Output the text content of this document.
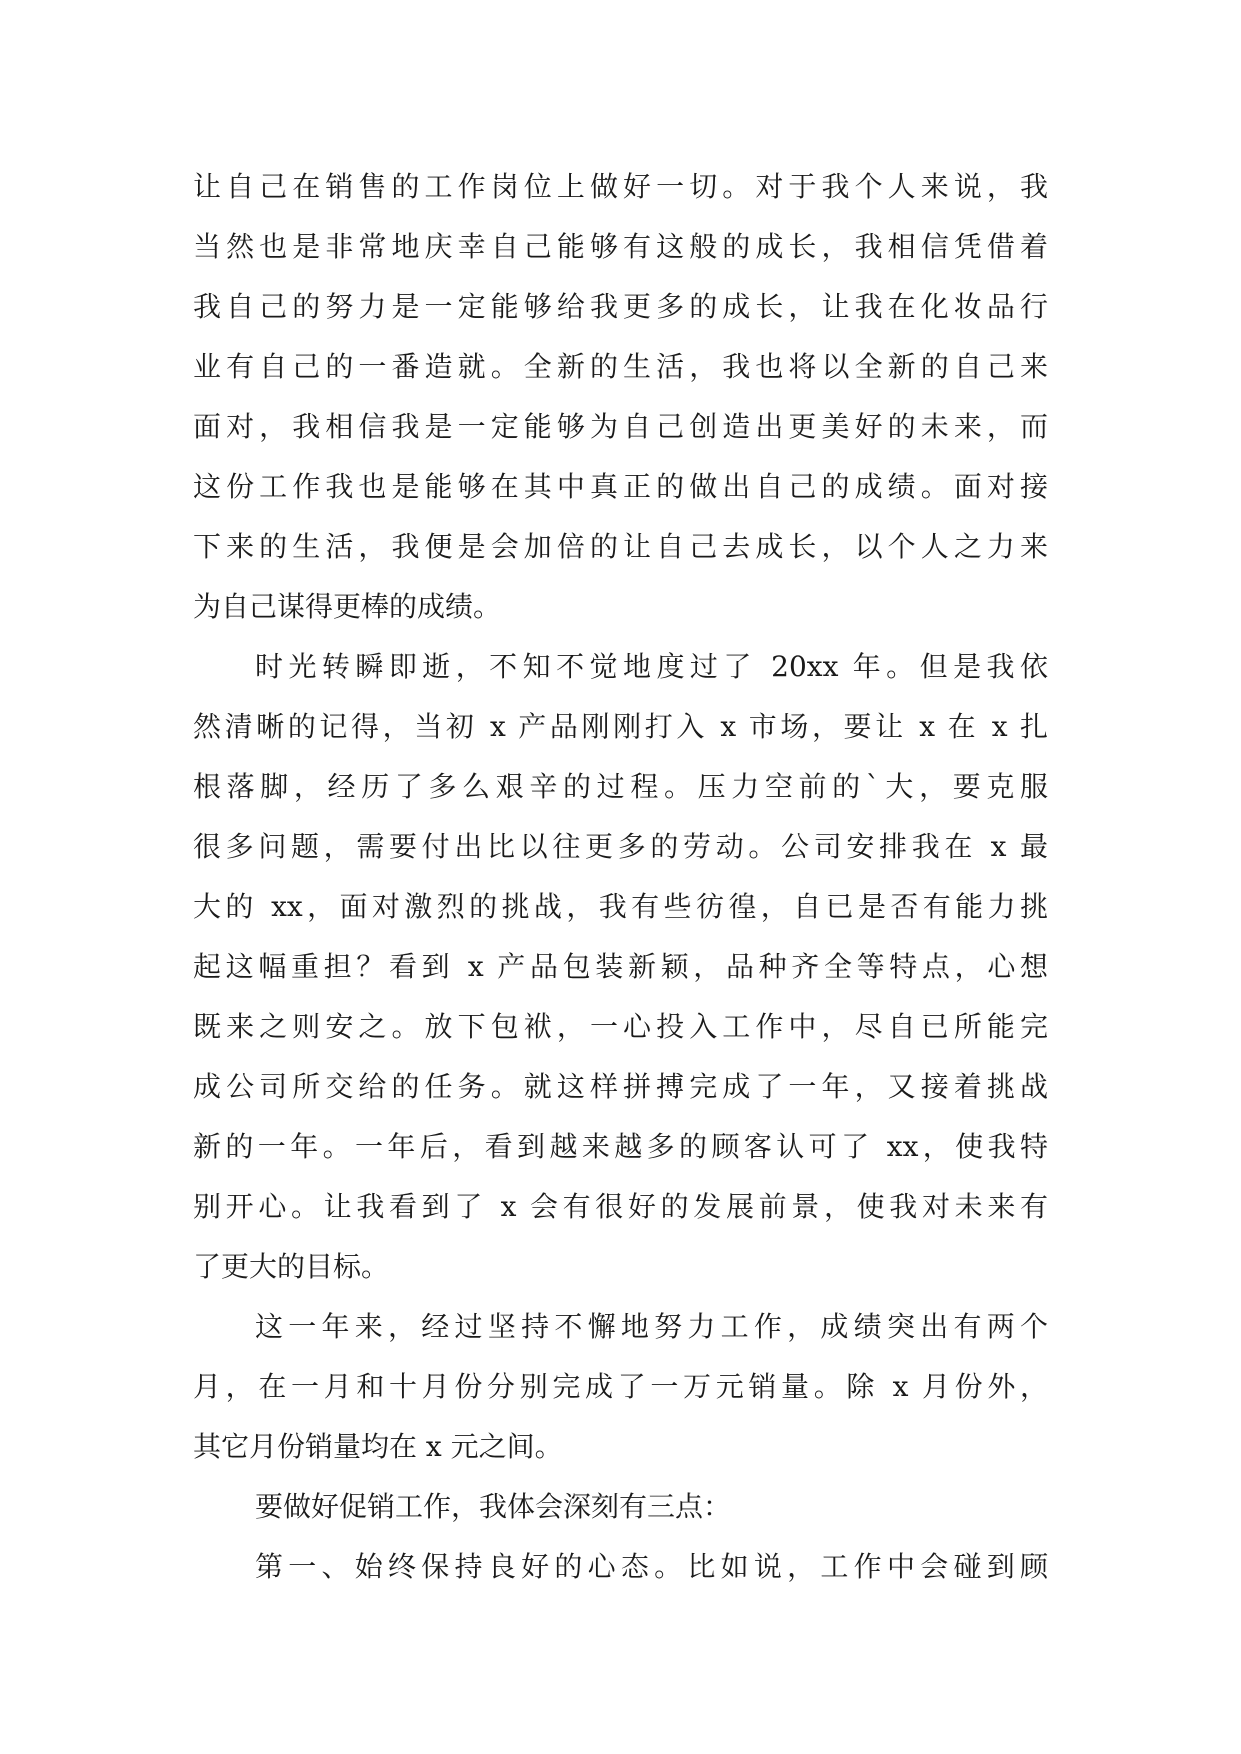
让自己在销售的工作岗位上做好一切。对于我个人来说，我
当然也是非常地庆幸自己能够有这般的成长，我相信凭借着
我自己的努力是一定能够给我更多的成长，让我在化妆品行
业有自己的一番造就。全新的生活，我也将以全新的自己来
面对，我相信我是一定能够为自己创造出更美好的未来，而
这份工作我也是能够在其中真正的做出自己的成绩。面对接
下来的生活，我便是会加倍的让自己去成长，以个人之力来
为自己谋得更棒的成绩。
时光转瞬即逝，不知不觉地度过了 20xx 年。但是我依
然清晰的记得，当初 x 产品刚刚打入 x 市场，要让 x 在 x 扎
根落脚，经历了多么艰辛的过程。压力空前的`大，要克服
很多问题，需要付出比以往更多的劳动。公司安排我在 x 最
大的 xx，面对激烈的挑战，我有些彷徨，自已是否有能力挑
起这幅重担？看到 x 产品包装新颖，品种齐全等特点，心想
既来之则安之。放下包袱，一心投入工作中，尽自已所能完
成公司所交给的任务。就这样拼搏完成了一年，又接着挑战
新的一年。一年后，看到越来越多的顾客认可了 xx，使我特
别开心。让我看到了 x 会有很好的发展前景，使我对未来有
了更大的目标。
这一年来，经过坚持不懈地努力工作，成绩突出有两个
月，在一月和十月份分别完成了一万元销量。除 x 月份外，
其它月份销量均在 x 元之间。
要做好促销工作，我体会深刻有三点：
第一、始终保持良好的心态。比如说，工作中会碰到顾
